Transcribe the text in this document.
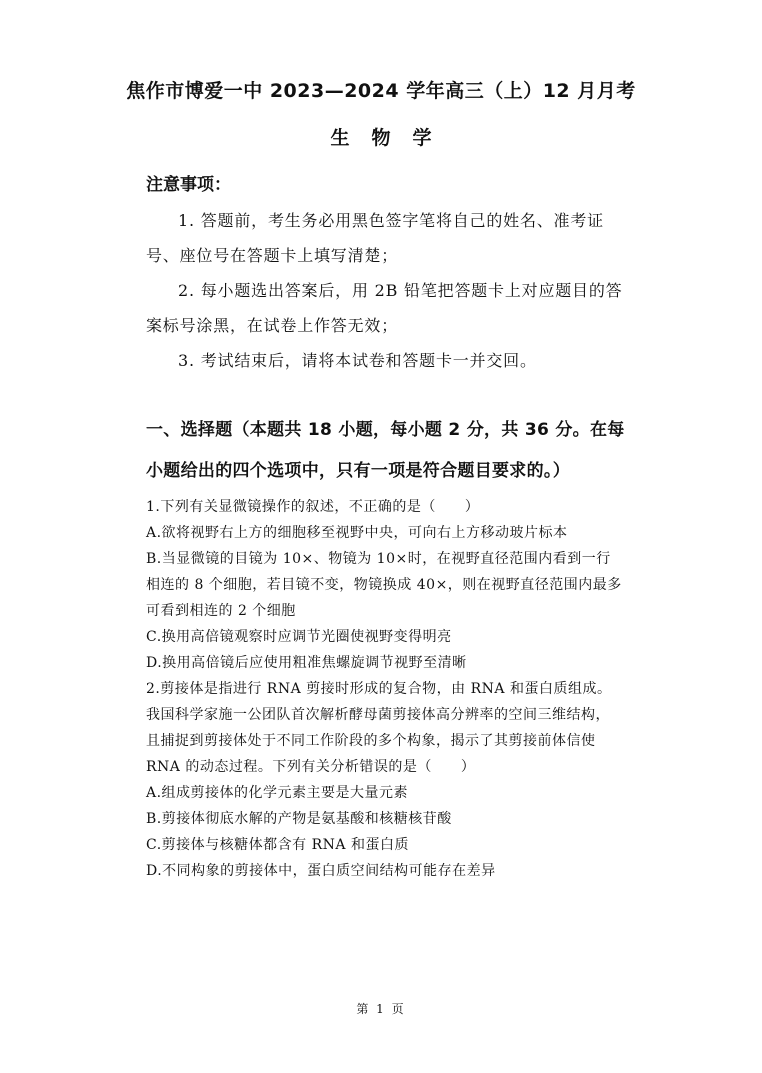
焦作市博爱一中 2023—2024 学年高三（上）12 月月考
生物学
注意事项：

1. 答题前，考生务必用黑色签字笔将自己的姓名、准考证号、座位号在答题卡上填写清楚；

2. 每小题选出答案后，用 2B 铅笔把答题卡上对应题目的答案标号涂黑，在试卷上作答无效；

3. 考试结束后，请将本试卷和答题卡一并交回。

一、选择题（本题共 18 小题，每小题 2 分，共 36 分。在每小题给出的四个选项中，只有一项是符合题目要求的。）
1.下列有关显微镜操作的叙述，不正确的是（　　）
A.欲将视野右上方的细胞移至视野中央，可向右上方移动玻片标本
B.当显微镜的目镜为 10×、物镜为 10×时，在视野直径范围内看到一行相连的 8 个细胞，若目镜不变，物镜换成 40×，则在视野直径范围内最多可看到相连的 2 个细胞
C.换用高倍镜观察时应调节光圈使视野变得明亮
D.换用高倍镜后应使用粗准焦螺旋调节视野至清晰
2.剪接体是指进行 RNA 剪接时形成的复合物，由 RNA 和蛋白质组成。我国科学家施一公团队首次解析酵母菌剪接体高分辨率的空间三维结构，且捕捉到剪接体处于不同工作阶段的多个构象，揭示了其剪接前体信使 RNA 的动态过程。下列有关分析错误的是（　　）
A.组成剪接体的化学元素主要是大量元素
B.剪接体彻底水解的产物是氨基酸和核糖核苷酸
C.剪接体与核糖体都含有 RNA 和蛋白质
D.不同构象的剪接体中，蛋白质空间结构可能存在差异
第 1 页
